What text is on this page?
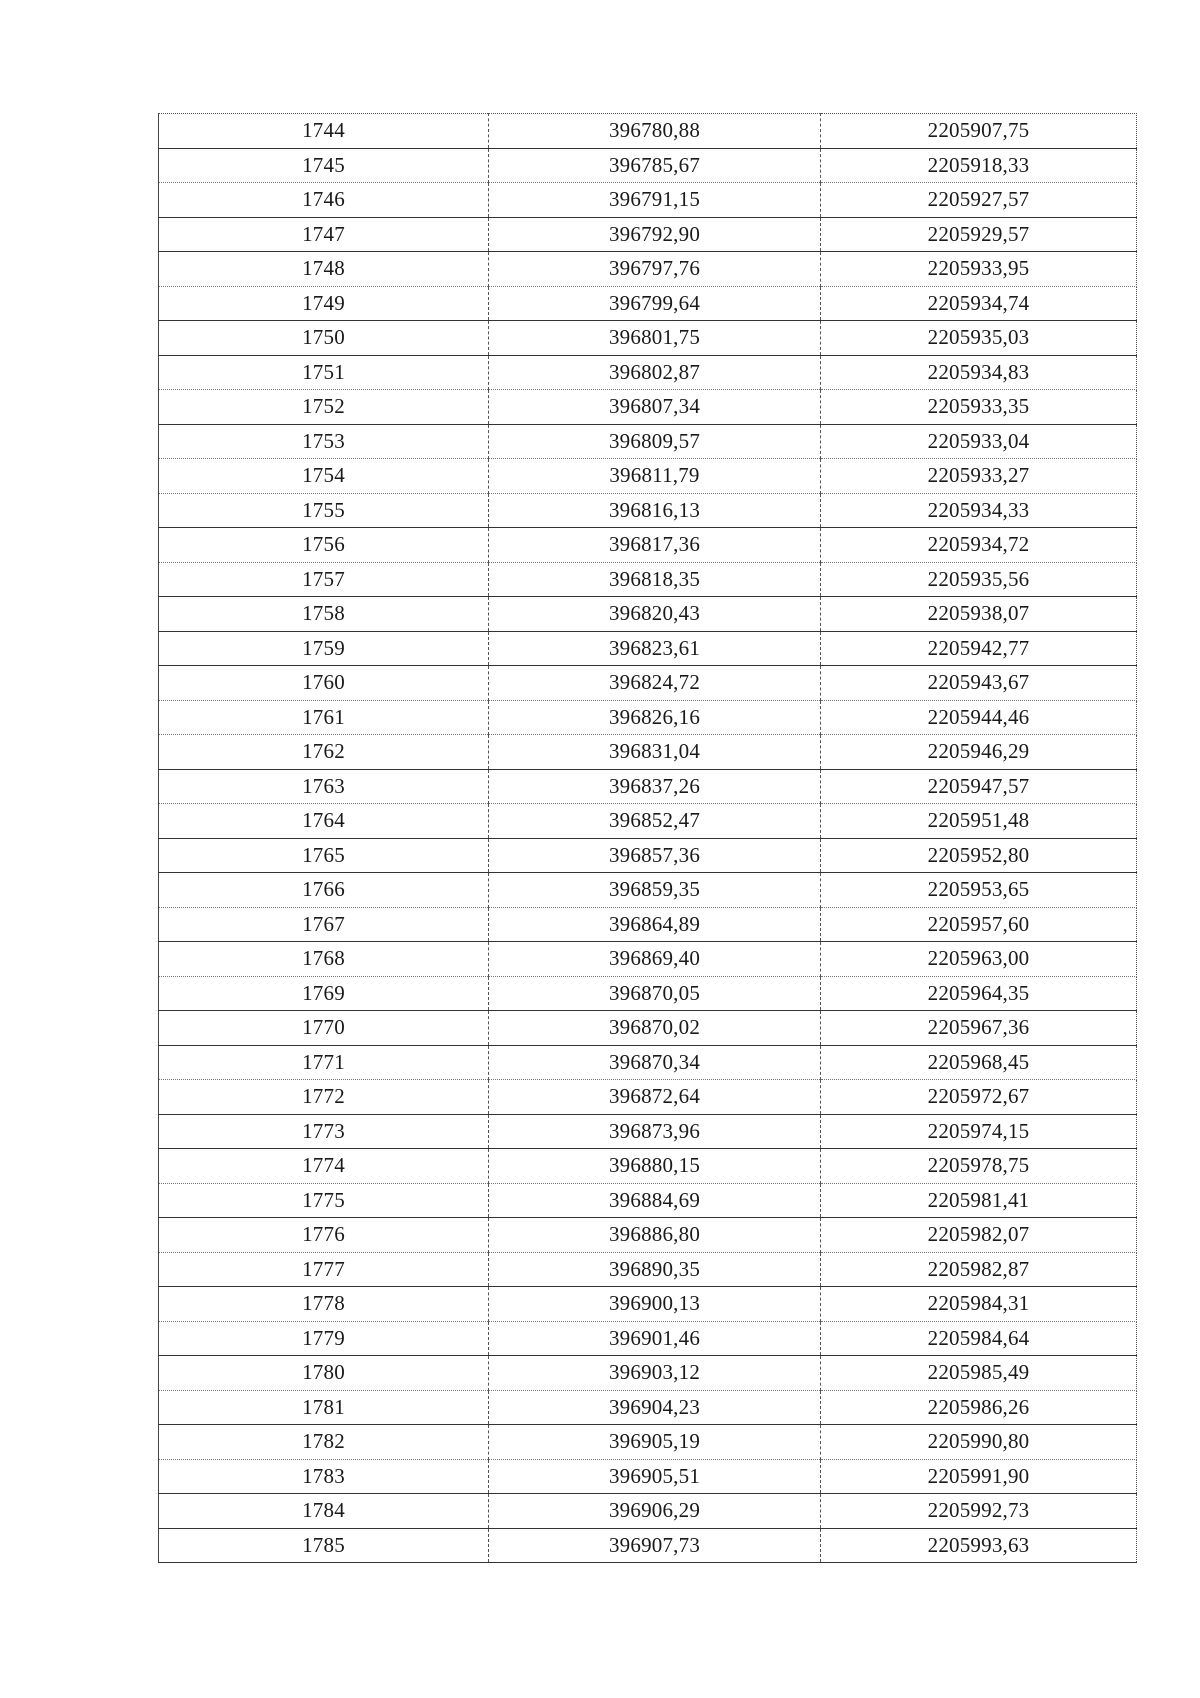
1744	396780,88	2205907,75
1745	396785,67	2205918,33
1746	396791,15	2205927,57
1747	396792,90	2205929,57
1748	396797,76	2205933,95
1749	396799,64	2205934,74
1750	396801,75	2205935,03
1751	396802,87	2205934,83
1752	396807,34	2205933,35
1753	396809,57	2205933,04
1754	396811,79	2205933,27
1755	396816,13	2205934,33
1756	396817,36	2205934,72
1757	396818,35	2205935,56
1758	396820,43	2205938,07
1759	396823,61	2205942,77
1760	396824,72	2205943,67
1761	396826,16	2205944,46
1762	396831,04	2205946,29
1763	396837,26	2205947,57
1764	396852,47	2205951,48
1765	396857,36	2205952,80
1766	396859,35	2205953,65
1767	396864,89	2205957,60
1768	396869,40	2205963,00
1769	396870,05	2205964,35
1770	396870,02	2205967,36
1771	396870,34	2205968,45
1772	396872,64	2205972,67
1773	396873,96	2205974,15
1774	396880,15	2205978,75
1775	396884,69	2205981,41
1776	396886,80	2205982,07
1777	396890,35	2205982,87
1778	396900,13	2205984,31
1779	396901,46	2205984,64
1780	396903,12	2205985,49
1781	396904,23	2205986,26
1782	396905,19	2205990,80
1783	396905,51	2205991,90
1784	396906,29	2205992,73
1785	396907,73	2205993,63
